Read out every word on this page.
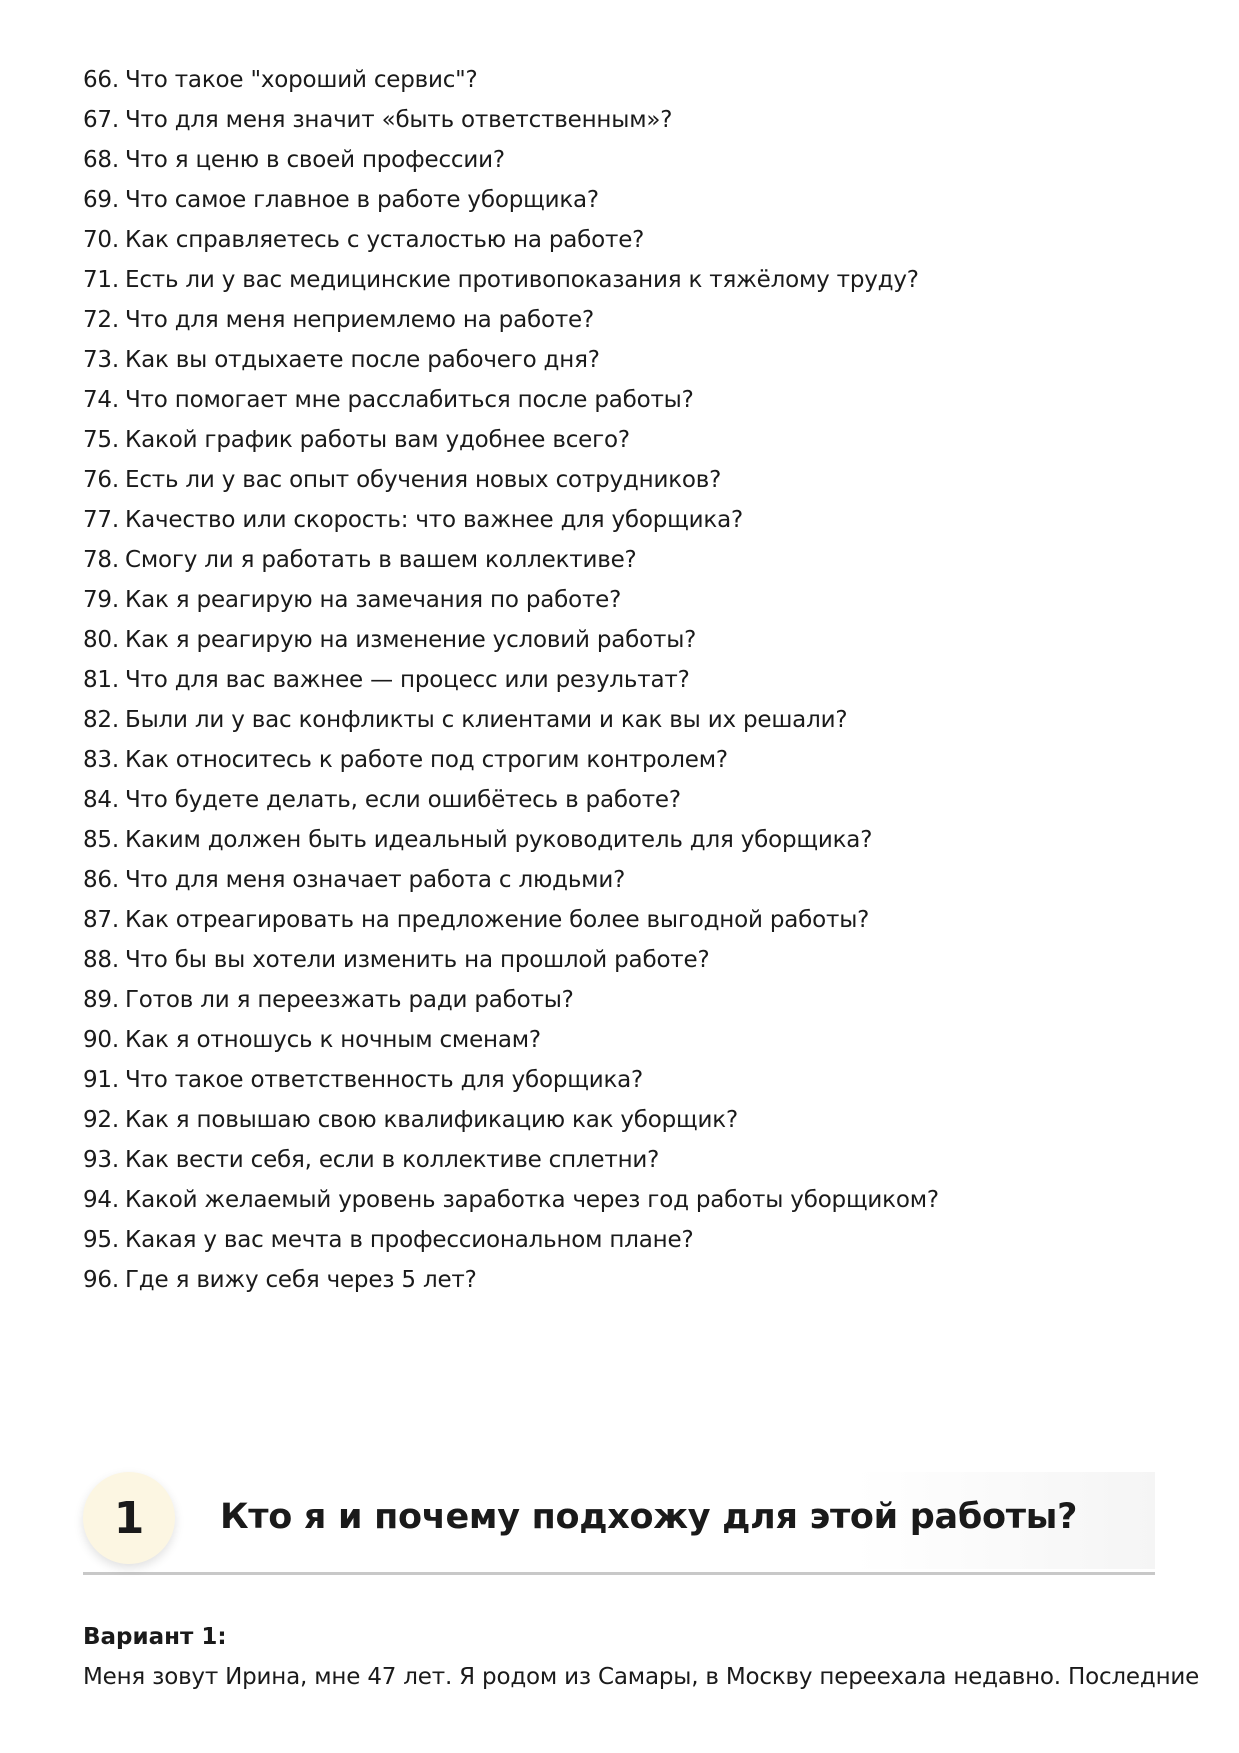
66. Что такое "хороший сервис"?
67. Что для меня значит «быть ответственным»?
68. Что я ценю в своей профессии?
69. Что самое главное в работе уборщика?
70. Как справляетесь с усталостью на работе?
71. Есть ли у вас медицинские противопоказания к тяжёлому труду?
72. Что для меня неприемлемо на работе?
73. Как вы отдыхаете после рабочего дня?
74. Что помогает мне расслабиться после работы?
75. Какой график работы вам удобнее всего?
76. Есть ли у вас опыт обучения новых сотрудников?
77. Качество или скорость: что важнее для уборщика?
78. Смогу ли я работать в вашем коллективе?
79. Как я реагирую на замечания по работе?
80. Как я реагирую на изменение условий работы?
81. Что для вас важнее — процесс или результат?
82. Были ли у вас конфликты с клиентами и как вы их решали?
83. Как относитесь к работе под строгим контролем?
84. Что будете делать, если ошибётесь в работе?
85. Каким должен быть идеальный руководитель для уборщика?
86. Что для меня означает работа с людьми?
87. Как отреагировать на предложение более выгодной работы?
88. Что бы вы хотели изменить на прошлой работе?
89. Готов ли я переезжать ради работы?
90. Как я отношусь к ночным сменам?
91. Что такое ответственность для уборщика?
92. Как я повышаю свою квалификацию как уборщик?
93. Как вести себя, если в коллективе сплетни?
94. Какой желаемый уровень заработка через год работы уборщиком?
95. Какая у вас мечта в профессиональном плане?
96. Где я вижу себя через 5 лет?
1	Кто я и почему подхожу для этой работы?
Вариант 1:
Меня зовут Ирина, мне 47 лет. Я родом из Самары, в Москву переехала недавно. Последние
